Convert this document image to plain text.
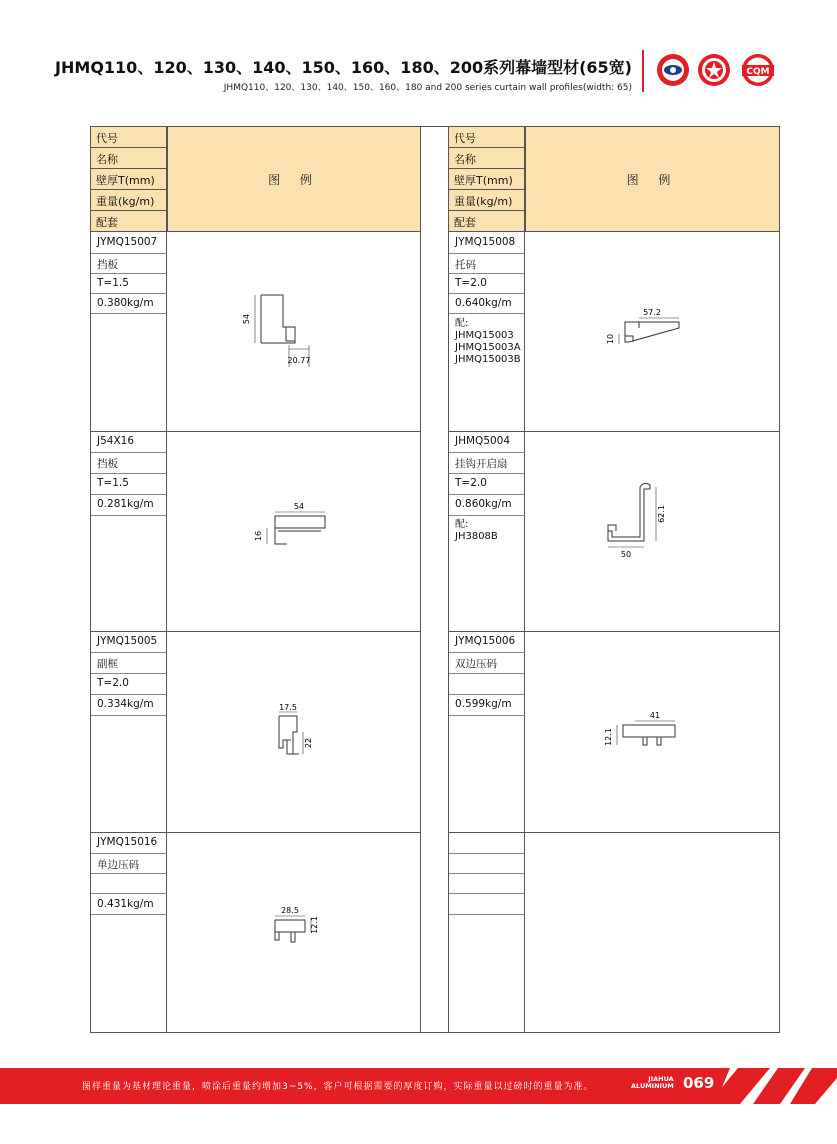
JHMQ110、120、130、140、150、160、180、200系列幕墙型材(65宽)
JHMQ110、120、130、140、150、160、180 and 200 series curtain wall profiles(width: 65)
CQM
代号
名称
壁厚T(mm)
重量(kg/m)
配套
图 例
JYMQ15007
挡板
T=1.5
0.380kg/m
J54X16
挡板
T=1.5
0.281kg/m
JYMQ15005
副框
T=2.0
0.334kg/m
JYMQ15016
单边压码
0.431kg/m
54
20.77
54
16
17.5
22
28.5
12.1
代号
名称
壁厚T(mm)
重量(kg/m)
配套
图 例
JYMQ15008
托码
T=2.0
0.640kg/m
配:
JHMQ15003
JHMQ15003A
JHMQ15003B
JHMQ5004
挂钩开启扇
T=2.0
0.860kg/m
配:
JH3808B
JYMQ15006
双边压码
0.599kg/m
57.2
10
62.1
50
41
12.1
图样重量为基材理论重量，喷涂后重量约增加3~5%，客户可根据需要的厚度订购，实际重量以过磅时的重量为准。
JIAHUA
ALUMINIUM 069
